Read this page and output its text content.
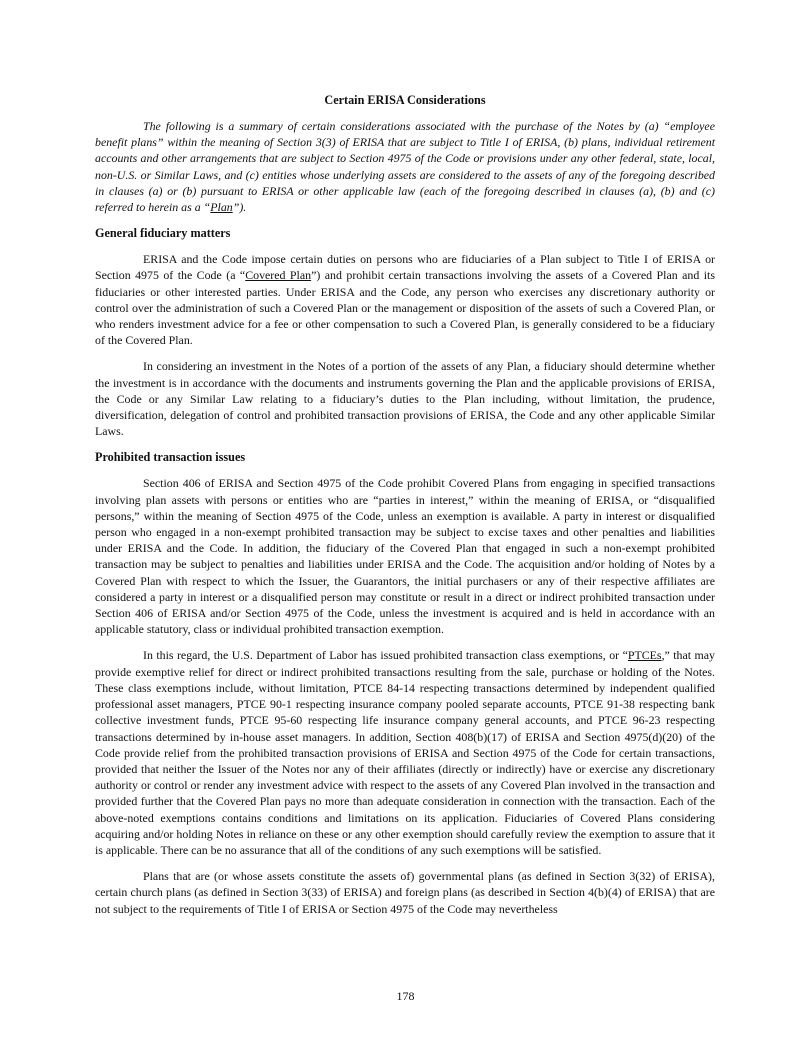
Certain ERISA Considerations

The following is a summary of certain considerations associated with the purchase of the Notes by (a) “employee benefit plans” within the meaning of Section 3(3) of ERISA that are subject to Title I of ERISA, (b) plans, individual retirement accounts and other arrangements that are subject to Section 4975 of the Code or provisions under any other federal, state, local, non-U.S. or Similar Laws, and (c) entities whose underlying assets are considered to the assets of any of the foregoing described in clauses (a) or (b) pursuant to ERISA or other applicable law (each of the foregoing described in clauses (a), (b) and (c) referred to herein as a “Plan”).

General fiduciary matters

ERISA and the Code impose certain duties on persons who are fiduciaries of a Plan subject to Title I of ERISA or Section 4975 of the Code (a “Covered Plan”) and prohibit certain transactions involving the assets of a Covered Plan and its fiduciaries or other interested parties. Under ERISA and the Code, any person who exercises any discretionary authority or control over the administration of such a Covered Plan or the management or disposition of the assets of such a Covered Plan, or who renders investment advice for a fee or other compensation to such a Covered Plan, is generally considered to be a fiduciary of the Covered Plan.

In considering an investment in the Notes of a portion of the assets of any Plan, a fiduciary should determine whether the investment is in accordance with the documents and instruments governing the Plan and the applicable provisions of ERISA, the Code or any Similar Law relating to a fiduciary’s duties to the Plan including, without limitation, the prudence, diversification, delegation of control and prohibited transaction provisions of ERISA, the Code and any other applicable Similar Laws.

Prohibited transaction issues

Section 406 of ERISA and Section 4975 of the Code prohibit Covered Plans from engaging in specified transactions involving plan assets with persons or entities who are “parties in interest,” within the meaning of ERISA, or “disqualified persons,” within the meaning of Section 4975 of the Code, unless an exemption is available. A party in interest or disqualified person who engaged in a non-exempt prohibited transaction may be subject to excise taxes and other penalties and liabilities under ERISA and the Code. In addition, the fiduciary of the Covered Plan that engaged in such a non-exempt prohibited transaction may be subject to penalties and liabilities under ERISA and the Code. The acquisition and/or holding of Notes by a Covered Plan with respect to which the Issuer, the Guarantors, the initial purchasers or any of their respective affiliates are considered a party in interest or a disqualified person may constitute or result in a direct or indirect prohibited transaction under Section 406 of ERISA and/or Section 4975 of the Code, unless the investment is acquired and is held in accordance with an applicable statutory, class or individual prohibited transaction exemption.

In this regard, the U.S. Department of Labor has issued prohibited transaction class exemptions, or “PTCEs,” that may provide exemptive relief for direct or indirect prohibited transactions resulting from the sale, purchase or holding of the Notes. These class exemptions include, without limitation, PTCE 84-14 respecting transactions determined by independent qualified professional asset managers, PTCE 90-1 respecting insurance company pooled separate accounts, PTCE 91-38 respecting bank collective investment funds, PTCE 95-60 respecting life insurance company general accounts, and PTCE 96-23 respecting transactions determined by in-house asset managers. In addition, Section 408(b)(17) of ERISA and Section 4975(d)(20) of the Code provide relief from the prohibited transaction provisions of ERISA and Section 4975 of the Code for certain transactions, provided that neither the Issuer of the Notes nor any of their affiliates (directly or indirectly) have or exercise any discretionary authority or control or render any investment advice with respect to the assets of any Covered Plan involved in the transaction and provided further that the Covered Plan pays no more than adequate consideration in connection with the transaction. Each of the above-noted exemptions contains conditions and limitations on its application. Fiduciaries of Covered Plans considering acquiring and/or holding Notes in reliance on these or any other exemption should carefully review the exemption to assure that it is applicable. There can be no assurance that all of the conditions of any such exemptions will be satisfied.

Plans that are (or whose assets constitute the assets of) governmental plans (as defined in Section 3(32) of ERISA), certain church plans (as defined in Section 3(33) of ERISA) and foreign plans (as described in Section 4(b)(4) of ERISA) that are not subject to the requirements of Title I of ERISA or Section 4975 of the Code may nevertheless

178
